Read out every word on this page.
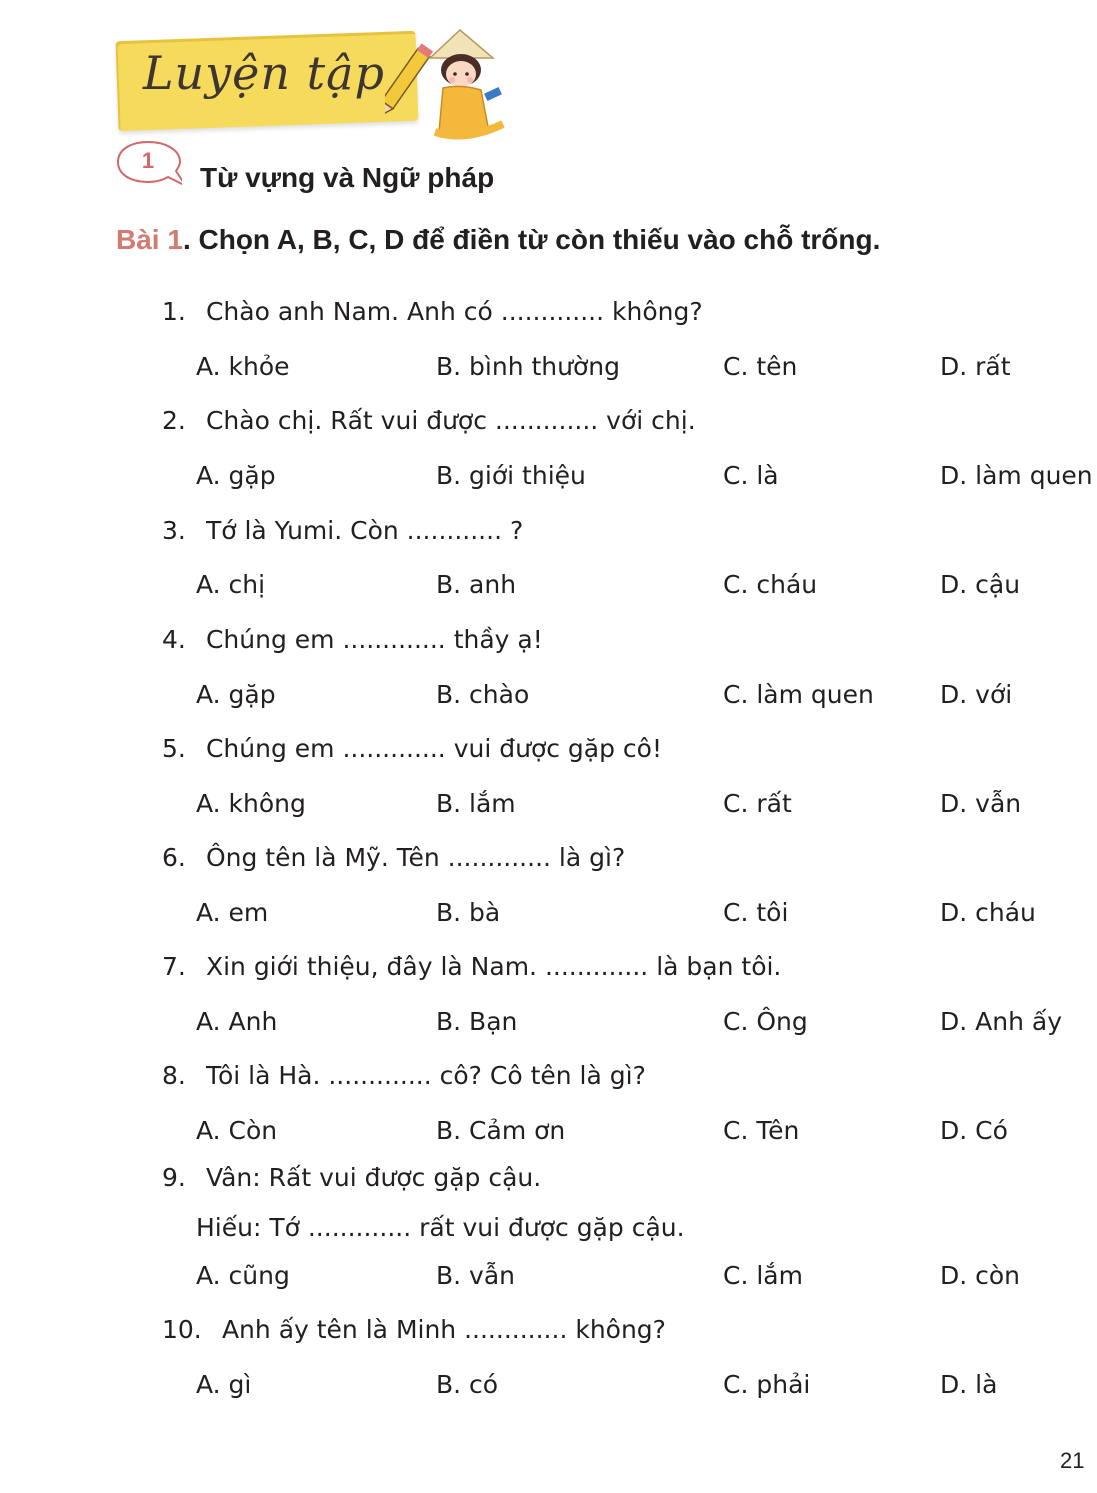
Luyện tập
1
Từ vựng và Ngữ pháp
Bài 1. Chọn A, B, C, D để điền từ còn thiếu vào chỗ trống.
1. Chào anh Nam. Anh có ............. không?
A. khỏe	B. bình thường	C. tên	D. rất
2. Chào chị. Rất vui được ............. với chị.
A. gặp	B. giới thiệu	C. là	D. làm quen
3. Tớ là Yumi. Còn ............ ?
A. chị	B. anh	C. cháu	D. cậu
4. Chúng em ............. thầy ạ!
A. gặp	B. chào	C. làm quen	D. với
5. Chúng em ............. vui được gặp cô!
A. không	B. lắm	C. rất	D. vẫn
6. Ông tên là Mỹ. Tên ............. là gì?
A. em	B. bà	C. tôi	D. cháu
7. Xin giới thiệu, đây là Nam. ............. là bạn tôi.
A. Anh	B. Bạn	C. Ông	D. Anh ấy
8. Tôi là Hà. ............. cô? Cô tên là gì?
A. Còn	B. Cảm ơn	C. Tên	D. Có
9. Vân: Rất vui được gặp cậu.
Hiếu: Tớ ............. rất vui được gặp cậu.
A. cũng	B. vẫn	C. lắm	D. còn
10. Anh ấy tên là Minh ............. không?
A. gì	B. có	C. phải	D. là
21
